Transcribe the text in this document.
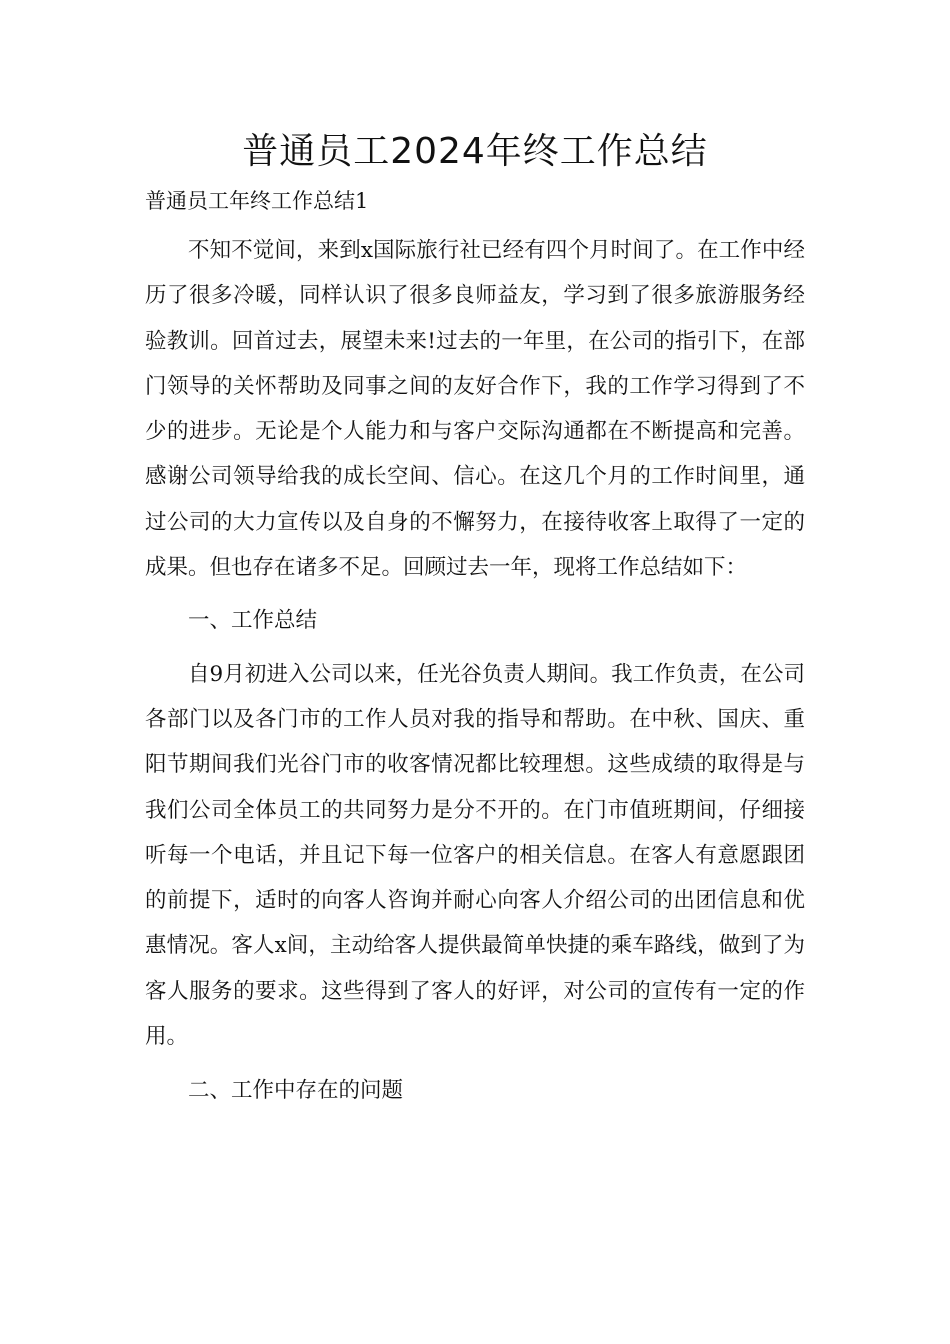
普通员工2024年终工作总结

普通员工年终工作总结1

不知不觉间，来到x国际旅行社已经有四个月时间了。在工作中经历了很多冷暖，同样认识了很多良师益友，学习到了很多旅游服务经验教训。回首过去，展望未来!过去的一年里，在公司的指引下，在部门领导的关怀帮助及同事之间的友好合作下，我的工作学习得到了不少的进步。无论是个人能力和与客户交际沟通都在不断提高和完善。感谢公司领导给我的成长空间、信心。在这几个月的工作时间里，通过公司的大力宣传以及自身的不懈努力，在接待收客上取得了一定的成果。但也存在诸多不足。回顾过去一年，现将工作总结如下：

一、工作总结

自9月初进入公司以来，任光谷负责人期间。我工作负责，在公司各部门以及各门市的工作人员对我的指导和帮助。在中秋、国庆、重阳节期间我们光谷门市的收客情况都比较理想。这些成绩的取得是与我们公司全体员工的共同努力是分不开的。在门市值班期间，仔细接听每一个电话，并且记下每一位客户的相关信息。在客人有意愿跟团的前提下，适时的向客人咨询并耐心向客人介绍公司的出团信息和优惠情况。客人x间，主动给客人提供最简单快捷的乘车路线，做到了为客人服务的要求。这些得到了客人的好评，对公司的宣传有一定的作用。

二、工作中存在的问题
